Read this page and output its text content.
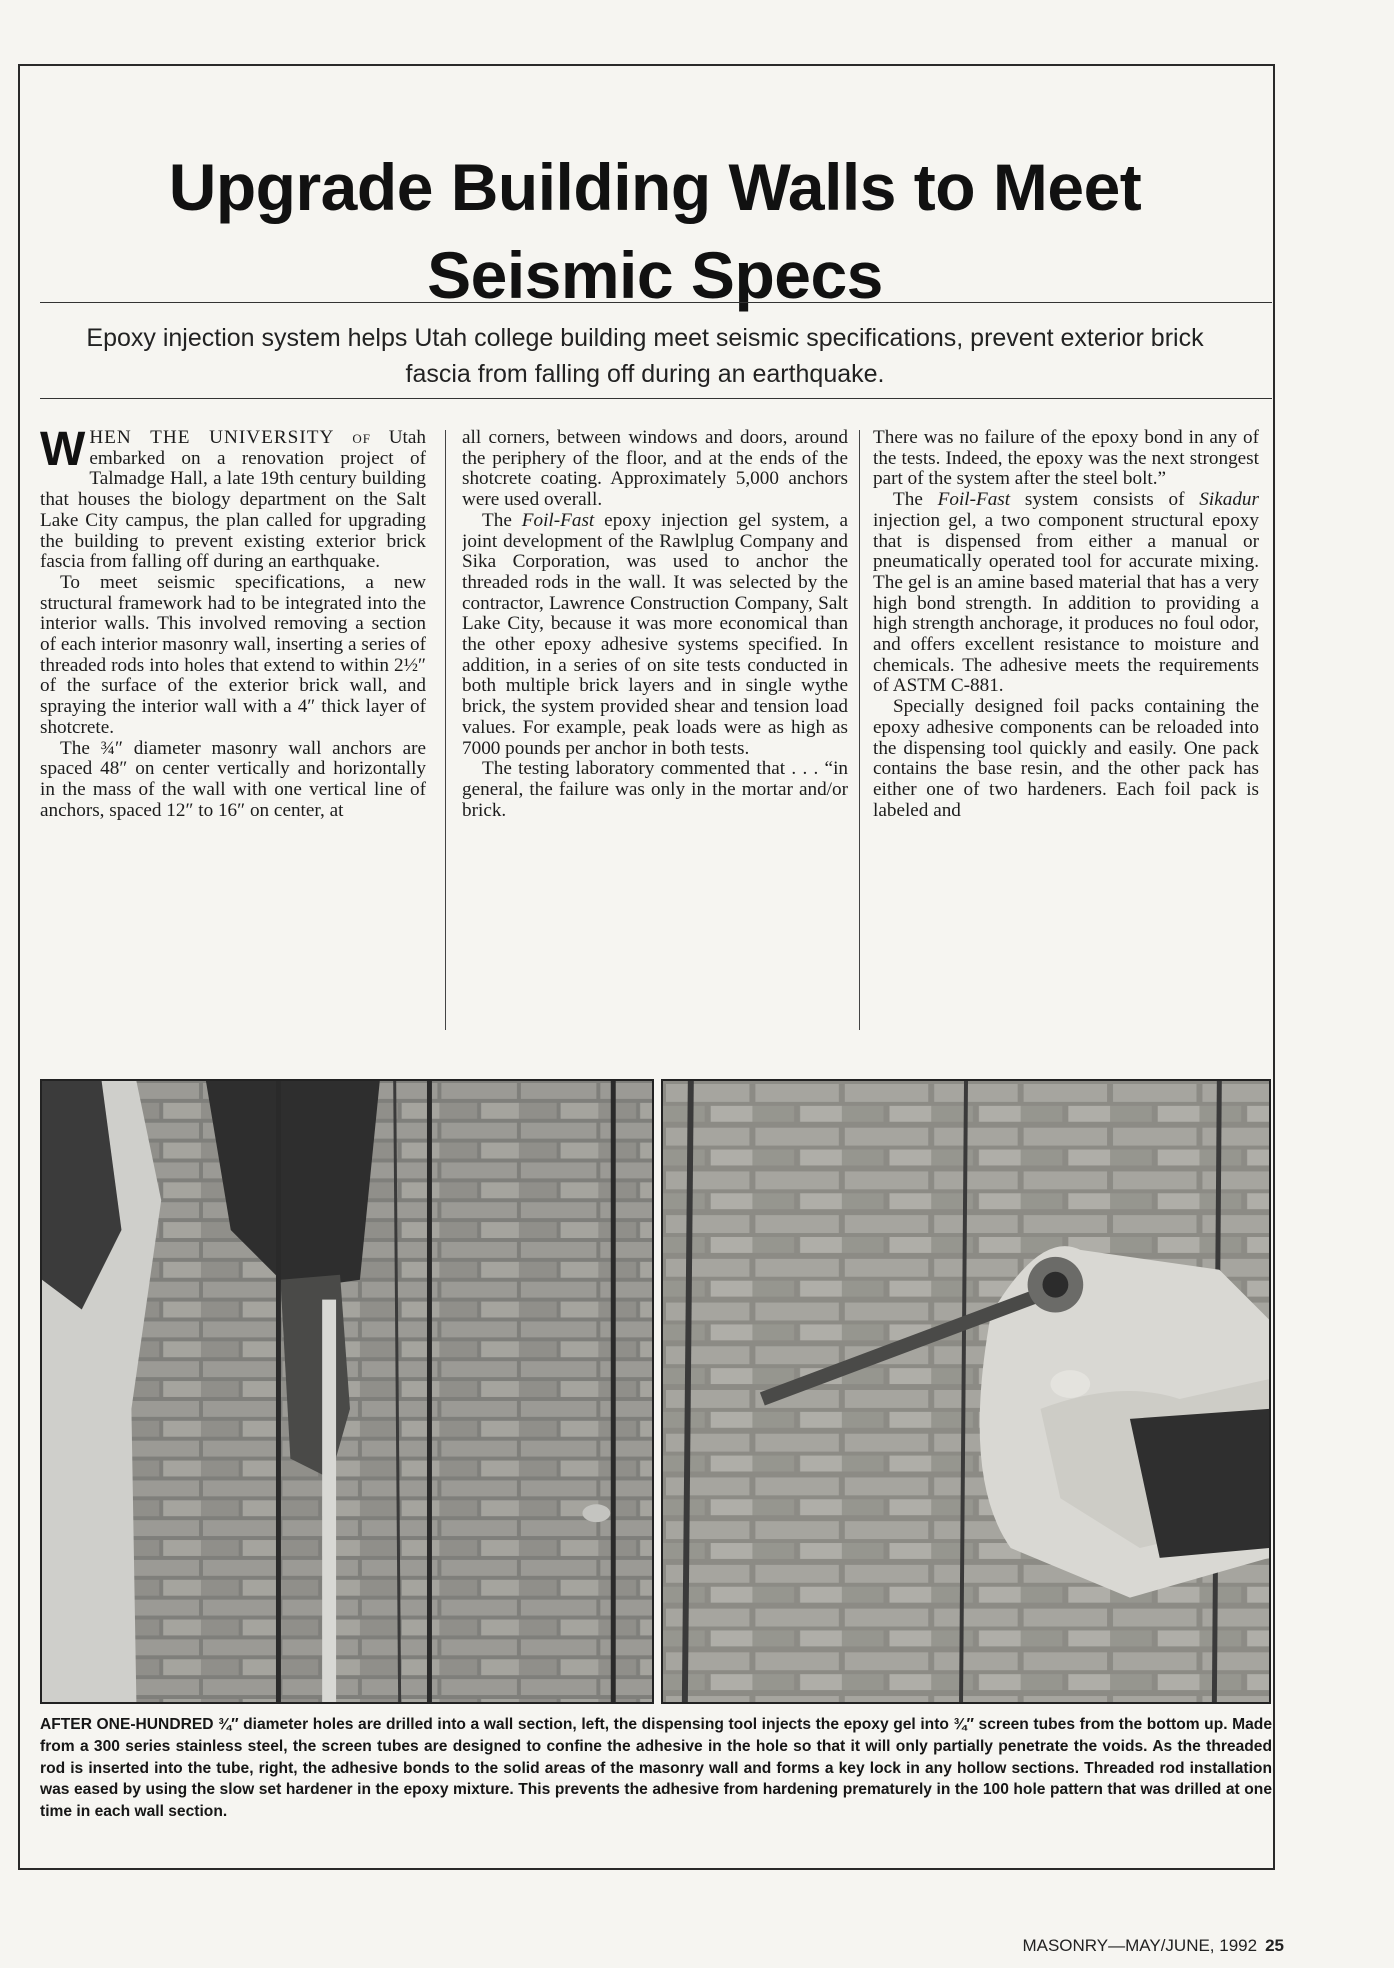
Upgrade Building Walls to Meet
Seismic Specs
Epoxy injection system helps Utah college building meet seismic specifications, prevent exterior brick fascia from falling off during an earthquake.

WHEN THE UNIVERSITY of Utah embarked on a renovation project of Talmadge Hall, a late 19th century building that houses the biology department on the Salt Lake City campus, the plan called for upgrading the building to prevent existing exterior brick fascia from falling off during an earthquake.

To meet seismic specifications, a new structural framework had to be integrated into the interior walls. This involved removing a section of each interior masonry wall, inserting a series of threaded rods into holes that extend to within 2½″ of the surface of the exterior brick wall, and spraying the interior wall with a 4″ thick layer of shotcrete.

The ¾″ diameter masonry wall anchors are spaced 48″ on center vertically and horizontally in the mass of the wall with one vertical line of anchors, spaced 12″ to 16″ on center, at

all corners, between windows and doors, around the periphery of the floor, and at the ends of the shotcrete coating. Approximately 5,000 anchors were used overall.

The Foil-Fast epoxy injection gel system, a joint development of the Rawlplug Company and Sika Corporation, was used to anchor the threaded rods in the wall. It was selected by the contractor, Lawrence Construction Company, Salt Lake City, because it was more economical than the other epoxy adhesive systems specified. In addition, in a series of on site tests conducted in both multiple brick layers and in single wythe brick, the system provided shear and tension load values. For example, peak loads were as high as 7000 pounds per anchor in both tests.

The testing laboratory commented that . . . “in general, the failure was only in the mortar and/or brick.

There was no failure of the epoxy bond in any of the tests. Indeed, the epoxy was the next strongest part of the system after the steel bolt.”

The Foil-Fast system consists of Sikadur injection gel, a two component structural epoxy that is dispensed from either a manual or pneumatically operated tool for accurate mixing. The gel is an amine based material that has a very high bond strength. In addition to providing a high strength anchorage, it produces no foul odor, and offers excellent resistance to moisture and chemicals. The adhesive meets the requirements of ASTM C-881.

Specially designed foil packs containing the epoxy adhesive components can be reloaded into the dispensing tool quickly and easily. One pack contains the base resin, and the other pack has either one of two hardeners. Each foil pack is labeled and

AFTER ONE-HUNDRED ¾″ diameter holes are drilled into a wall section, left, the dispensing tool injects the epoxy gel into ¾″ screen tubes from the bottom up. Made from a 300 series stainless steel, the screen tubes are designed to confine the adhesive in the hole so that it will only partially penetrate the voids. As the threaded rod is inserted into the tube, right, the adhesive bonds to the solid areas of the masonry wall and forms a key lock in any hollow sections. Threaded rod installation was eased by using the slow set hardener in the epoxy mixture. This prevents the adhesive from hardening prematurely in the 100 hole pattern that was drilled at one time in each wall section.
MASONRY—MAY/JUNE, 1992 25
